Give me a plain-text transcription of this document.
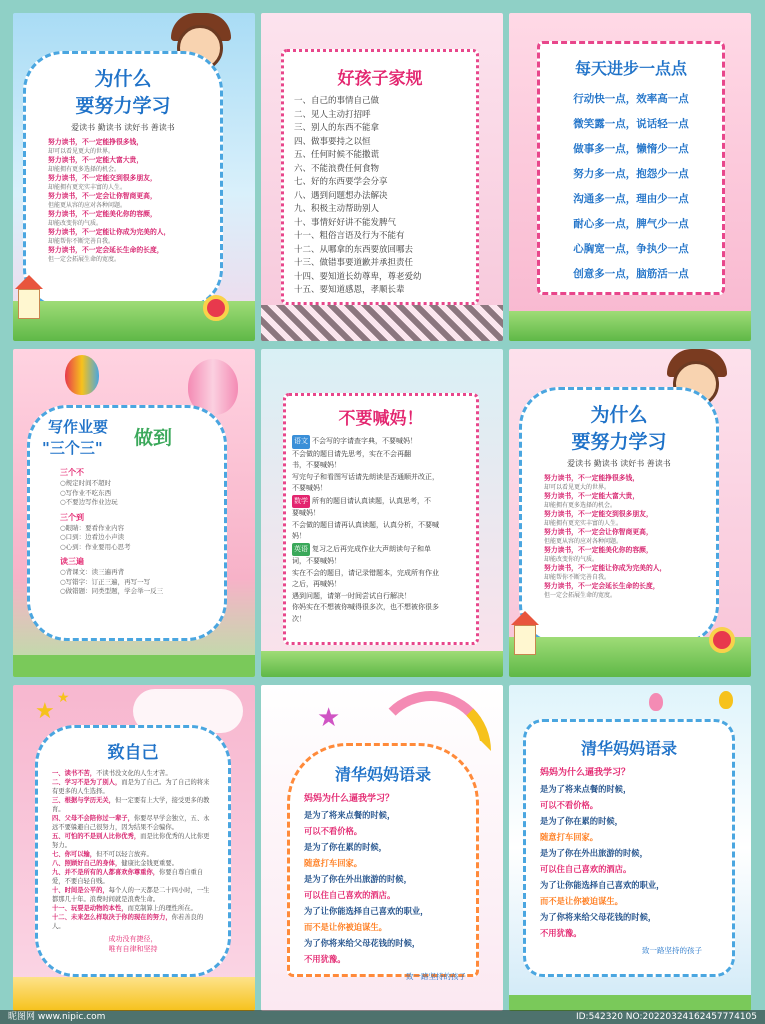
为什么
要努力学习
爱读书 勤读书 读好书 善读书
努力读书，不一定能挣很多钱，
却可以看见更大的世界。
努力读书，不一定能大富大贵，
却能拥有更多选择的机会。
努力读书，不一定能交到很多朋友，
却能拥有更充实丰富的人生。
努力读书，不一定会让你智商更高，
但能更从容的应对各种问题。
努力读书，不一定能美化你的容颜，
却能改变你的气质。
努力读书，不一定能让你成为完美的人，
却能帮你不断完善自我。
努力读书，不一定会延长生命的长度，
但一定会拓展生命的宽度。
好孩子家规
一、自己的事情自己做
二、见人主动打招呼
三、别人的东西不能拿
四、做事要持之以恒
五、任何时候不能撒谎
六、不能浪费任何食物
七、好的东西要学会分享
八、遇到问题想办法解决
九、积极主动帮助别人
十、事情好好讲不能发脾气
十一、粗俗言语及行为不能有
十二、从哪拿的东西要放回哪去
十三、做错事要道歉并承担责任
十四、要知道长幼尊卑，尊老爱幼
十五、要知道感恩，孝顺长辈
每天进步一点点
行动快一点，效率高一点
微笑露一点，说话轻一点
做事多一点，懒惰少一点
努力多一点，抱怨少一点
沟通多一点，理由少一点
耐心多一点，脾气少一点
心胸宽一点，争执少一点
创意多一点，脑筋活一点
写作业要
"三个三" 做到
三个不
○规定时间不超时
○写作业不吃东西
○不要边写作业边玩
三个到
○眼睛：要看作业内容
○口到：边看边小声读
○心到：作业要用心思考
读三遍
○背课文：读三遍再背
○写错字：订正三遍，再写一写
○做错题：同类型题，学会举一反三
不要喊妈！
语文 不会写的字请查字典，不要喊妈！
不会做的题目请先思考，实在不会再翻
书，不要喊妈！
写完句子和看图写话请先朗读是否通顺并改正，
不要喊妈！
数学 所有的题目请认真读题，认真思考，不
要喊妈！
不会做的题目请再认真读题，认真分析，不要喊
妈！
英语 复习之后再完成作业大声朗读句子和单
词，不要喊妈！
实在不会的题目，请记录错题本，完成所有作业
之后，再喊妈！
遇到问题，请第一时间尝试自行解决！
你妈实在不想被你喊得很多次，也不想被你很多
次！
为什么
要努力学习
爱读书 勤读书 读好书 善读书
努力读书，不一定能挣很多钱，
却可以看见更大的世界。
努力读书，不一定能大富大贵，
却能拥有更多选择的机会。
努力读书，不一定能交到很多朋友，
却能拥有更充实丰富的人生。
努力读书，不一定会让你智商更高，
但能更从容的应对各种问题。
努力读书，不一定能美化你的容颜，
却能改变你的气质。
努力读书，不一定能让你成为完美的人，
却能帮你不断完善自我。
努力读书，不一定会延长生命的长度，
但一定会拓展生命的宽度。
★
★
致自己
一、读书不苦，不读书没文化的人生才苦。
二、学习不是为了别人，而是为了自己。为了自己的将来有更多的人生选择。
三、根据与学历无关，但一定要有上大学，接受更多的教育。
四、父母不会陪你过一辈子，你要尽早学会独立，五、永远不要躲避自己很努力，因为结果不会骗你。
五、可怕的不是别人比你优秀，而是比你优秀的人比你更努力。
七、你可以输，但不可以轻言放弃。
八、照顾好自己的身体，健康比金钱更重要。
九、并不是所有的人都喜欢你尊重你，你要自尊自重自爱，不要自轻自贱。
十、时间是公平的，每个人的一天都是二十四小时，一生都那几十年。浪费时间就是浪费生命。
十一、玩耍是动物的本性，而克制算上的理性所在。
十二、未来怎么样取决于你的现在的努力，你若善良的人。
成功没有捷径，
唯有自律和坚持
★
清华妈妈语录
妈妈为什么逼我学习？
是为了将来点餐的时候，
可以不看价格。
是为了你在累的时候，
随意打车回家。
是为了你在外出旅游的时候，
可以住自己喜欢的酒店。
为了让你能选择自己喜欢的职业，
而不是让你被迫谋生。
为了你将来给父母花钱的时候，
不用犹豫。
致一路坚持的孩子
清华妈妈语录
妈妈为什么逼我学习？
是为了将来点餐的时候，
可以不看价格。
是为了你在累的时候，
随意打车回家。
是为了你在外出旅游的时候，
可以住自己喜欢的酒店。
为了让你能选择自己喜欢的职业，
而不是让你被迫谋生。
为了你将来给父母花钱的时候，
不用犹豫。
致一路坚持的孩子
昵图网 www.nipic.com	ID:542320 NO:20220324162457774105
